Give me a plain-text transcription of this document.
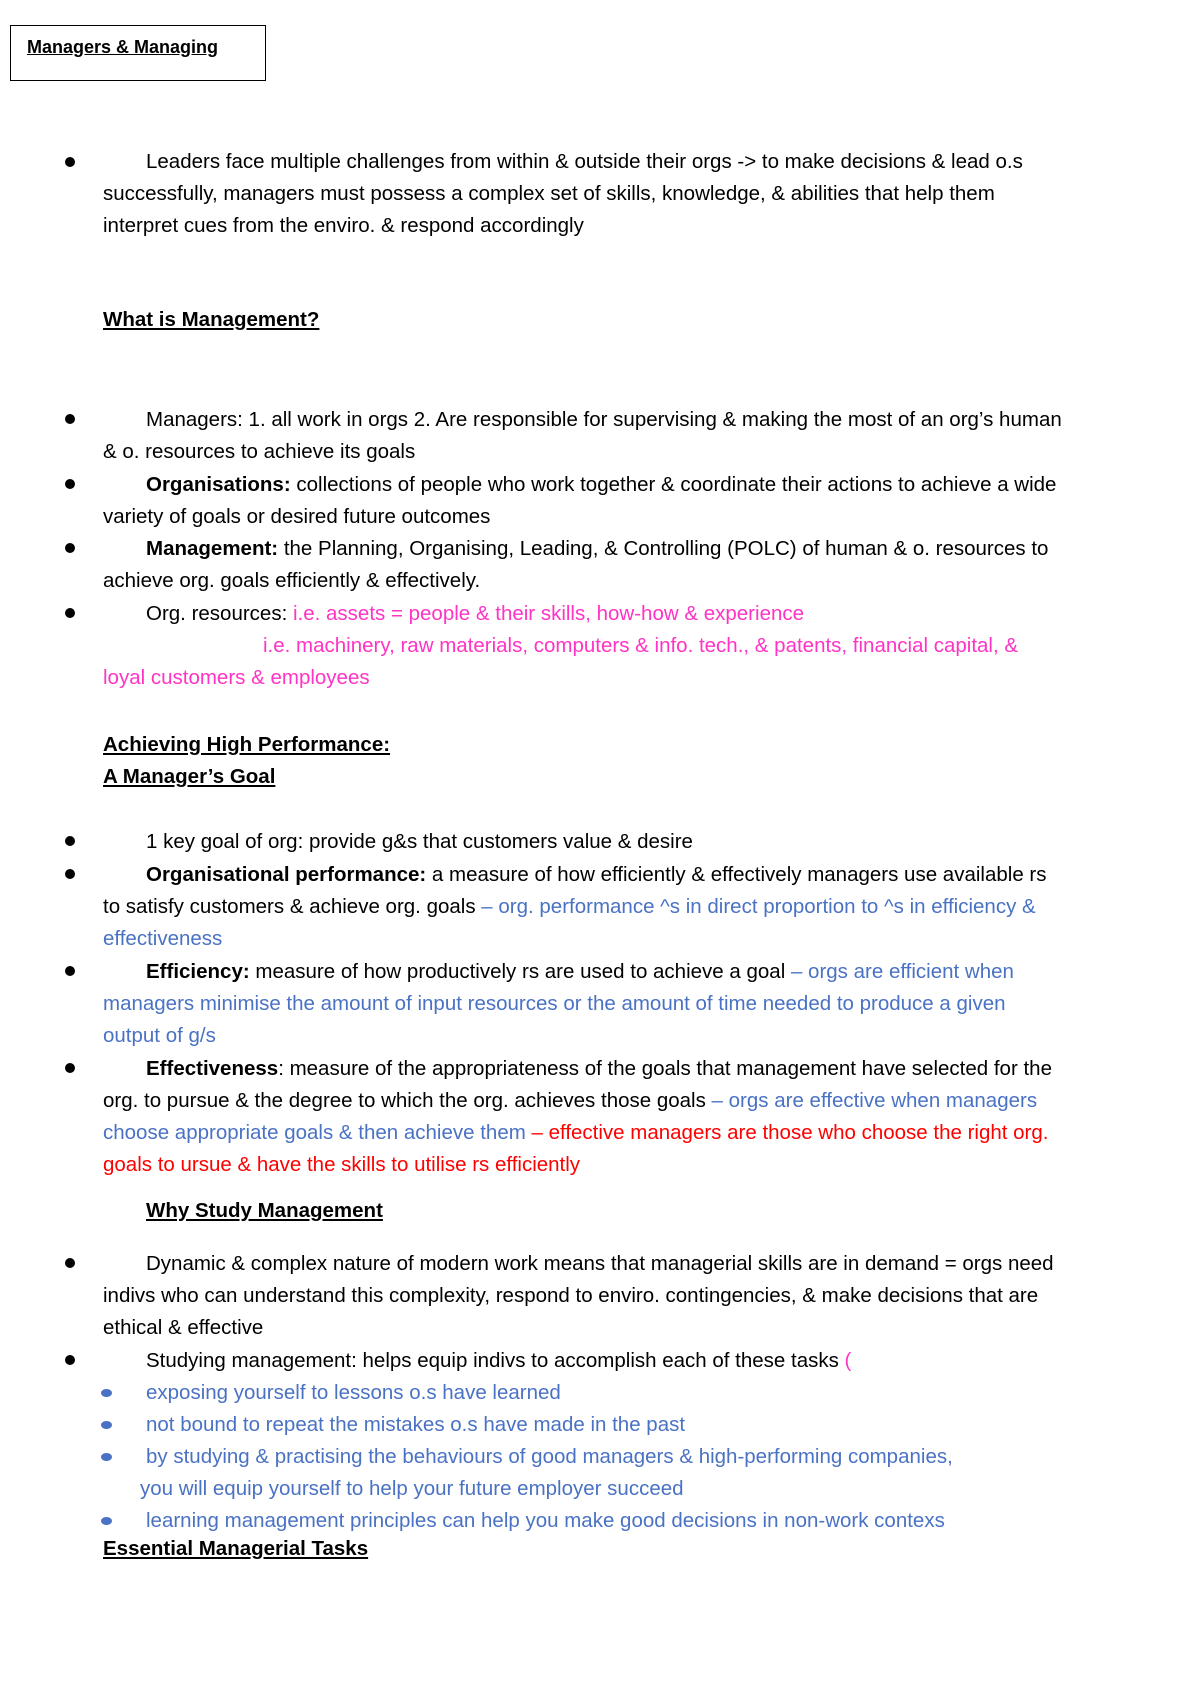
Managers & Managing
Leaders face multiple challenges from within & outside their orgs -> to make decisions & lead o.s successfully, managers must possess a complex set of skills, knowledge, & abilities that help them interpret cues from the enviro. & respond accordingly
What is Management?
Managers: 1. all work in orgs 2. Are responsible for supervising & making the most of an org’s human & o. resources to achieve its goals
Organisations: collections of people who work together & coordinate their actions to achieve a wide variety of goals or desired future outcomes
Management: the Planning, Organising, Leading, & Controlling (POLC) of human & o. resources to achieve org. goals efficiently & effectively.
Org. resources: i.e. assets = people & their skills, how-how & experience
i.e. machinery, raw materials, computers & info. tech., & patents, financial capital, & loyal customers & employees
Achieving High Performance:
A Manager’s Goal
1 key goal of org: provide g&s that customers value & desire
Organisational performance: a measure of how efficiently & effectively managers use available rs to satisfy customers & achieve org. goals – org. performance ^s in direct proportion to ^s in efficiency & effectiveness
Efficiency: measure of how productively rs are used to achieve a goal – orgs are efficient when managers minimise the amount of input resources or the amount of time needed to produce a given output of g/s
Effectiveness: measure of the appropriateness of the goals that management have selected for the org. to pursue & the degree to which the org. achieves those goals – orgs are effective when managers choose appropriate goals & then achieve them – effective managers are those who choose the right org. goals to ursue & have the skills to utilise rs efficiently
Why Study Management
Dynamic & complex nature of modern work means that managerial skills are in demand = orgs need indivs who can understand this complexity, respond to enviro. contingencies, & make decisions that are ethical & effective
Studying management: helps equip indivs to accomplish each of these tasks (
exposing yourself to lessons o.s have learned
not bound to repeat the mistakes o.s have made in the past
by studying & practising the behaviours of good managers & high-performing companies,
you will equip yourself to help your future employer succeed
learning management principles can help you make good decisions in non-work contexs
Essential Managerial Tasks
